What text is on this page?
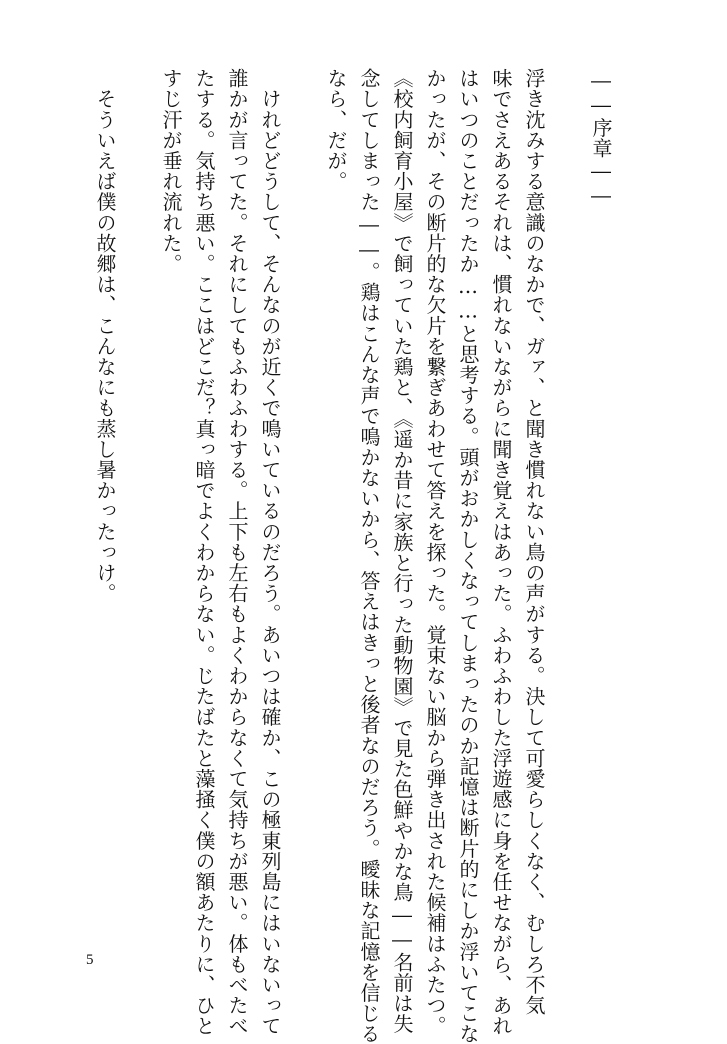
――序章――
浮き沈みする意識のなかで、ガァ、と聞き慣れない鳥の声がする。決して可愛らしくなく、むしろ不気
味でさえあるそれは、慣れないながらに聞き覚えはあった。ふわふわした浮遊感に身を任せながら、あれ
はいつのことだったか……と思考する。頭がおかしくなってしまったのか記憶は断片的にしか浮いてこな
かったが、その断片的な欠片を繋ぎあわせて答えを探った。覚束ない脳から弾き出された候補はふたつ。
《校内飼育小屋》で飼っていた鶏と、《遥か昔に家族と行った動物園》で見た色鮮やかな鳥――名前は失
念してしまった――。鶏はこんな声で鳴かないから、答えはきっと後者なのだろう。曖昧な記憶を信じる
なら、だが。
　けれどどうして、そんなのが近くで鳴いているのだろう。あいつは確か、この極東列島にはいないって
誰かが言ってた。それにしてもふわふわする。上下も左右もよくわからなくて気持ちが悪い。体もべたべ
たする。気持ち悪い。ここはどこだ？真っ暗でよくわからない。じたばたと藻掻く僕の額あたりに、ひと
すじ汗が垂れ流れた。
　そういえば僕の故郷は、こんなにも蒸し暑かったっけ。
5
